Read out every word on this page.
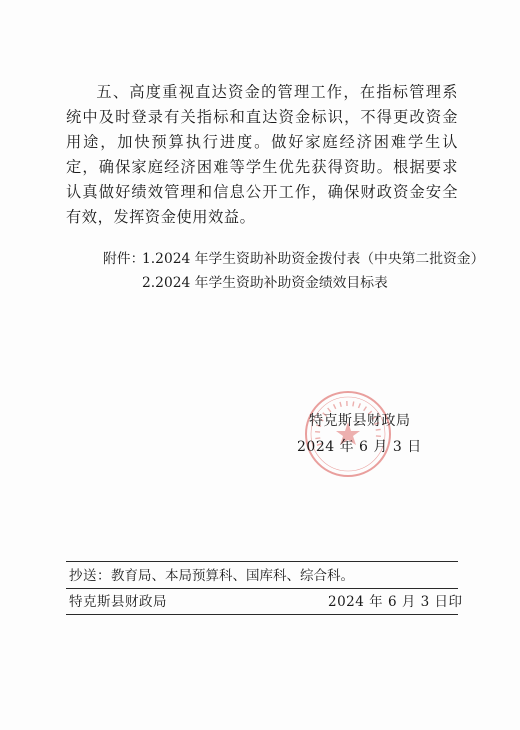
五、高度重视直达资金的管理工作，在指标管理系统中及时登录有关指标和直达资金标识，不得更改资金用途，加快预算执行进度。做好家庭经济困难学生认定，确保家庭经济困难等学生优先获得资助。根据要求认真做好绩效管理和信息公开工作，确保财政资金安全有效，发挥资金使用效益。

附件：
1.2024 年学生资助补助资金拨付表（中央第二批资金）
2.2024 年学生资助补助资金绩效目标表
特克斯县财政局
2024 年 6 月 3 日
抄送：教育局、本局预算科、国库科、综合科。
特克斯县财政局	2024 年 6 月 3 日印
